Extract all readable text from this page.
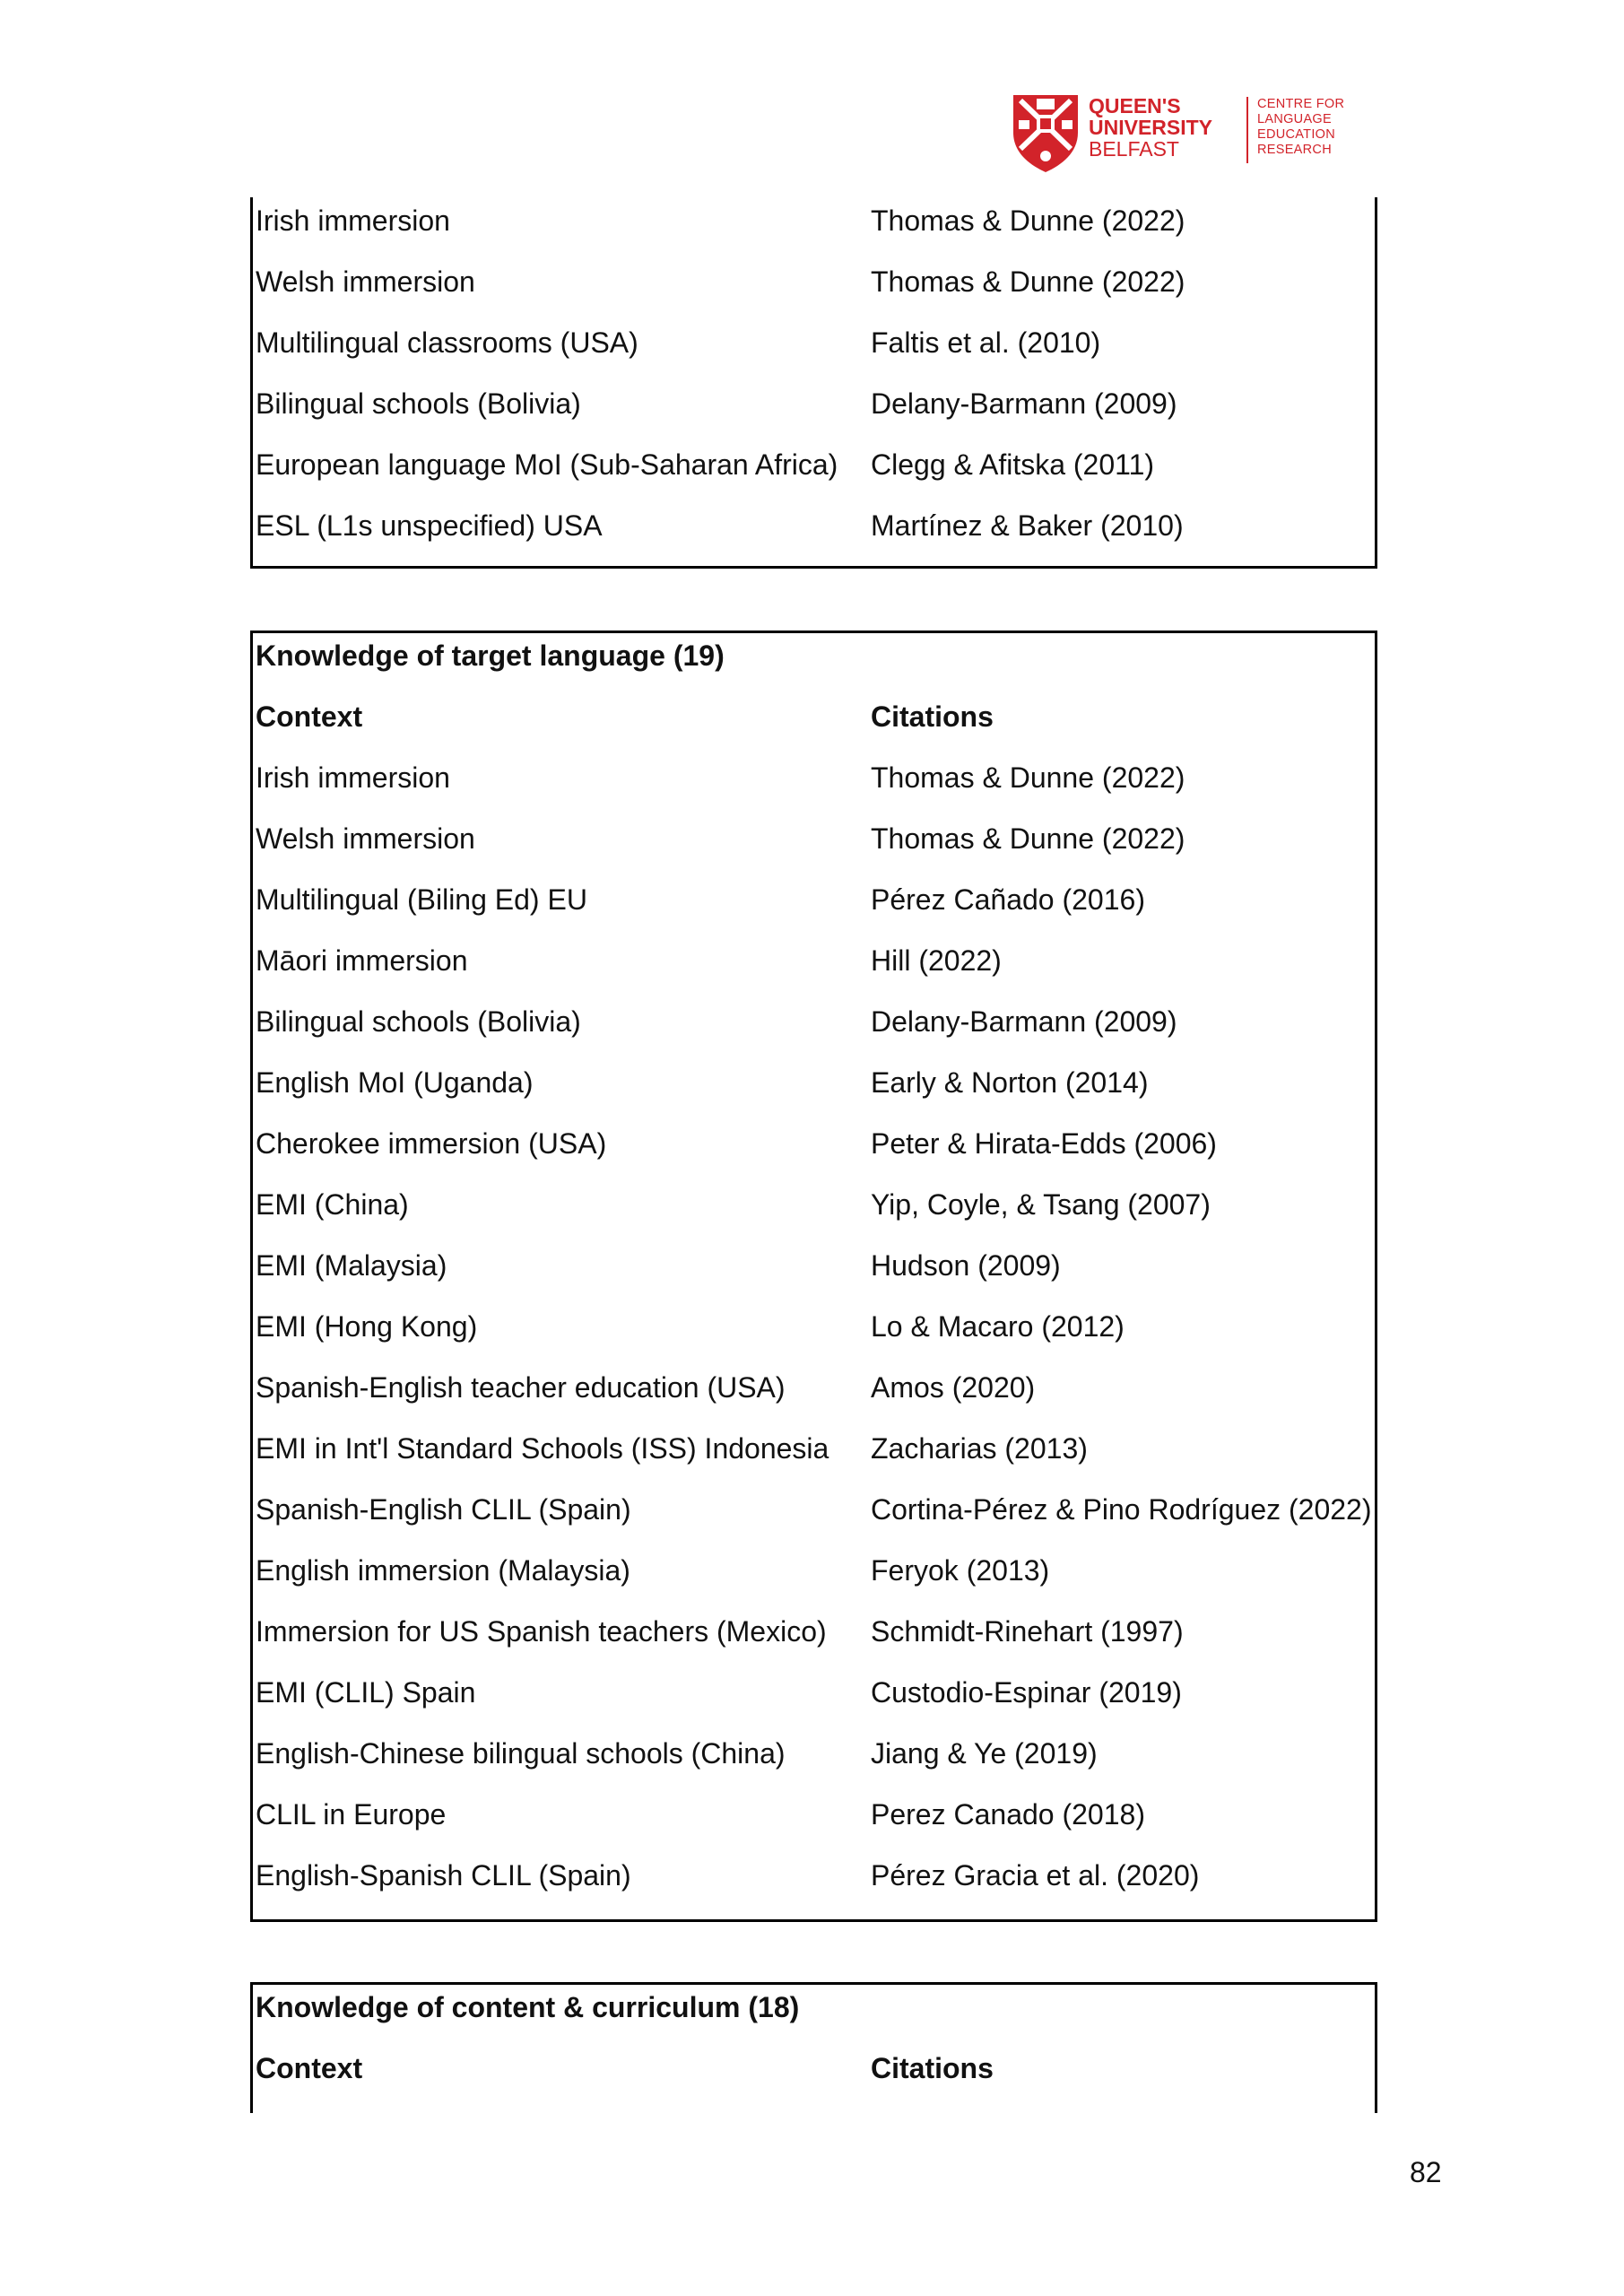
QUEEN'S
UNIVERSITY
BELFAST
CENTRE FOR
LANGUAGE
EDUCATION
RESEARCH
Irish immersion	Thomas & Dunne (2022)
Welsh immersion	Thomas & Dunne (2022)
Multilingual classrooms (USA)	Faltis et al. (2010)
Bilingual schools (Bolivia)	Delany-Barmann (2009)
European language MoI (Sub-Saharan Africa) Clegg & Afitska (2011)
ESL (L1s unspecified) USA	Martínez & Baker (2010)
Knowledge of target language (19)
Context	Citations
Irish immersion	Thomas & Dunne (2022)
Welsh immersion	Thomas & Dunne (2022)
Multilingual (Biling Ed) EU	Pérez Cañado (2016)
Māori immersion	Hill (2022)
Bilingual schools (Bolivia)	Delany-Barmann (2009)
English MoI (Uganda)	Early & Norton (2014)
Cherokee immersion (USA)	Peter & Hirata-Edds (2006)
EMI (China)	Yip, Coyle, & Tsang (2007)
EMI (Malaysia)	Hudson (2009)
EMI (Hong Kong)	Lo & Macaro (2012)
Spanish-English teacher education (USA)	Amos (2020)
EMI in Int'l Standard Schools (ISS) Indonesia Zacharias (2013)
Spanish-English CLIL (Spain)	Cortina-Pérez & Pino Rodríguez (2022)
English immersion (Malaysia)	Feryok (2013)
Immersion for US Spanish teachers (Mexico) Schmidt-Rinehart (1997)
EMI (CLIL) Spain	Custodio-Espinar (2019)
English-Chinese bilingual schools (China)	Jiang & Ye (2019)
CLIL in Europe	Perez Canado (2018)
English-Spanish CLIL (Spain)	Pérez Gracia et al. (2020)
Knowledge of content & curriculum (18)
Context	Citations
82
